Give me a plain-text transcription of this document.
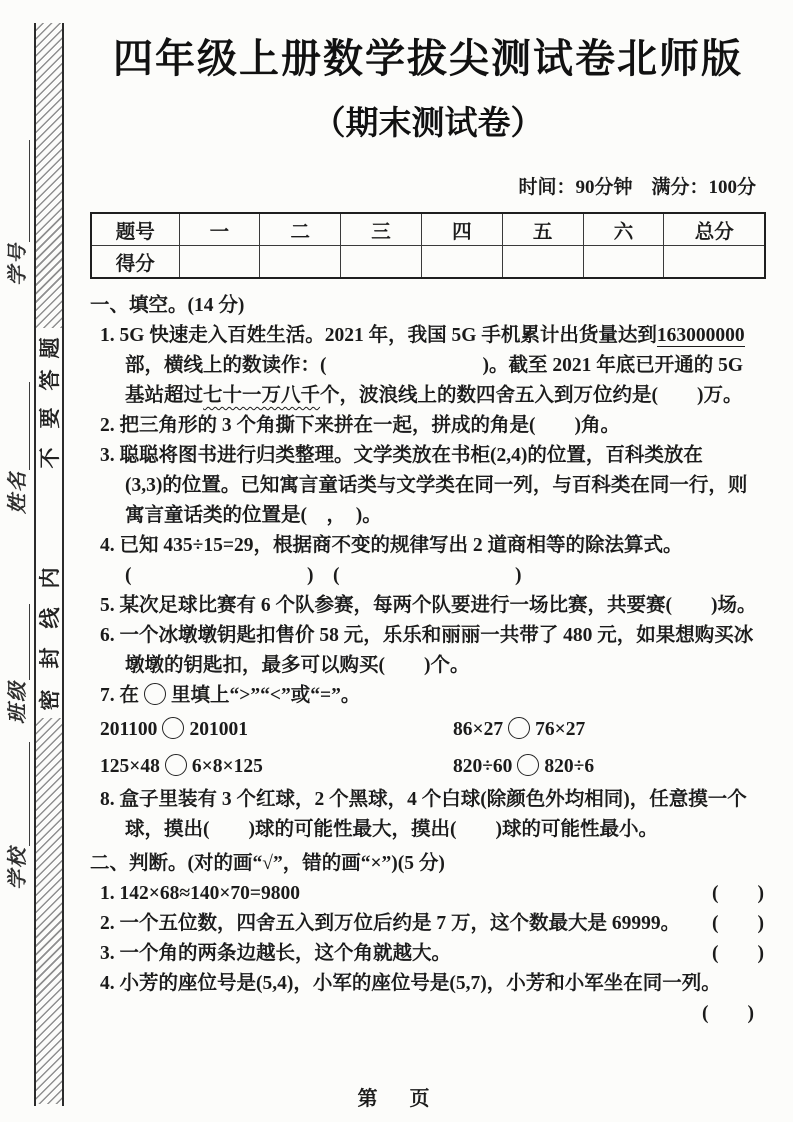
题
答
要
不
内
线
封
密
学号
姓名
班级
学校
四年级上册数学拔尖测试卷北师版
（期末测试卷）
时间：90分钟　满分：100分
题号	一	二	三	四	五	六	总分
得分							
一、填空。(14 分)
1. 5G 快速走入百姓生活。2021 年，我国 5G 手机累计出货量达到163000000
部，横线上的数读作：(　　　　　　　　)。截至 2021 年底已开通的 5G
基站超过七十一万八千个，波浪线上的数四舍五入到万位约是(　　)万。
2. 把三角形的 3 个角撕下来拼在一起，拼成的角是(　　)角。
3. 聪聪将图书进行归类整理。文学类放在书柜(2,4)的位置，百科类放在
(3,3)的位置。已知寓言童话类与文学类在同一列，与百科类在同一行，则
寓言童话类的位置是(　，　)。
4. 已知 435÷15=29，根据商不变的规律写出 2 道商相等的除法算式。
(　　　　　　　　　)　(　　　　　　　　　)
5. 某次足球比赛有 6 个队参赛，每两个队要进行一场比赛，共要赛(　　)场。
6. 一个冰墩墩钥匙扣售价 58 元，乐乐和丽丽一共带了 480 元，如果想购买冰
墩墩的钥匙扣，最多可以购买(　　)个。
7. 在 里填上“>”“<”或“=”。
201100 201001	86×27 76×27
125×48 6×8×125	820÷60 820÷6
8. 盒子里装有 3 个红球，2 个黑球，4 个白球(除颜色外均相同)，任意摸一个
球，摸出(　　)球的可能性最大，摸出(　　)球的可能性最小。
二、判断。(对的画“√”，错的画“×”)(5 分)
1. 142×68≈140×70=9800	(　　)
2. 一个五位数，四舍五入到万位后约是 7 万，这个数最大是 69999。 (　　)
3. 一个角的两条边越长，这个角就越大。	(　　)
4. 小芳的座位号是(5,4)，小军的座位号是(5,7)，小芳和小军坐在同一列。
(　　)
第　页
